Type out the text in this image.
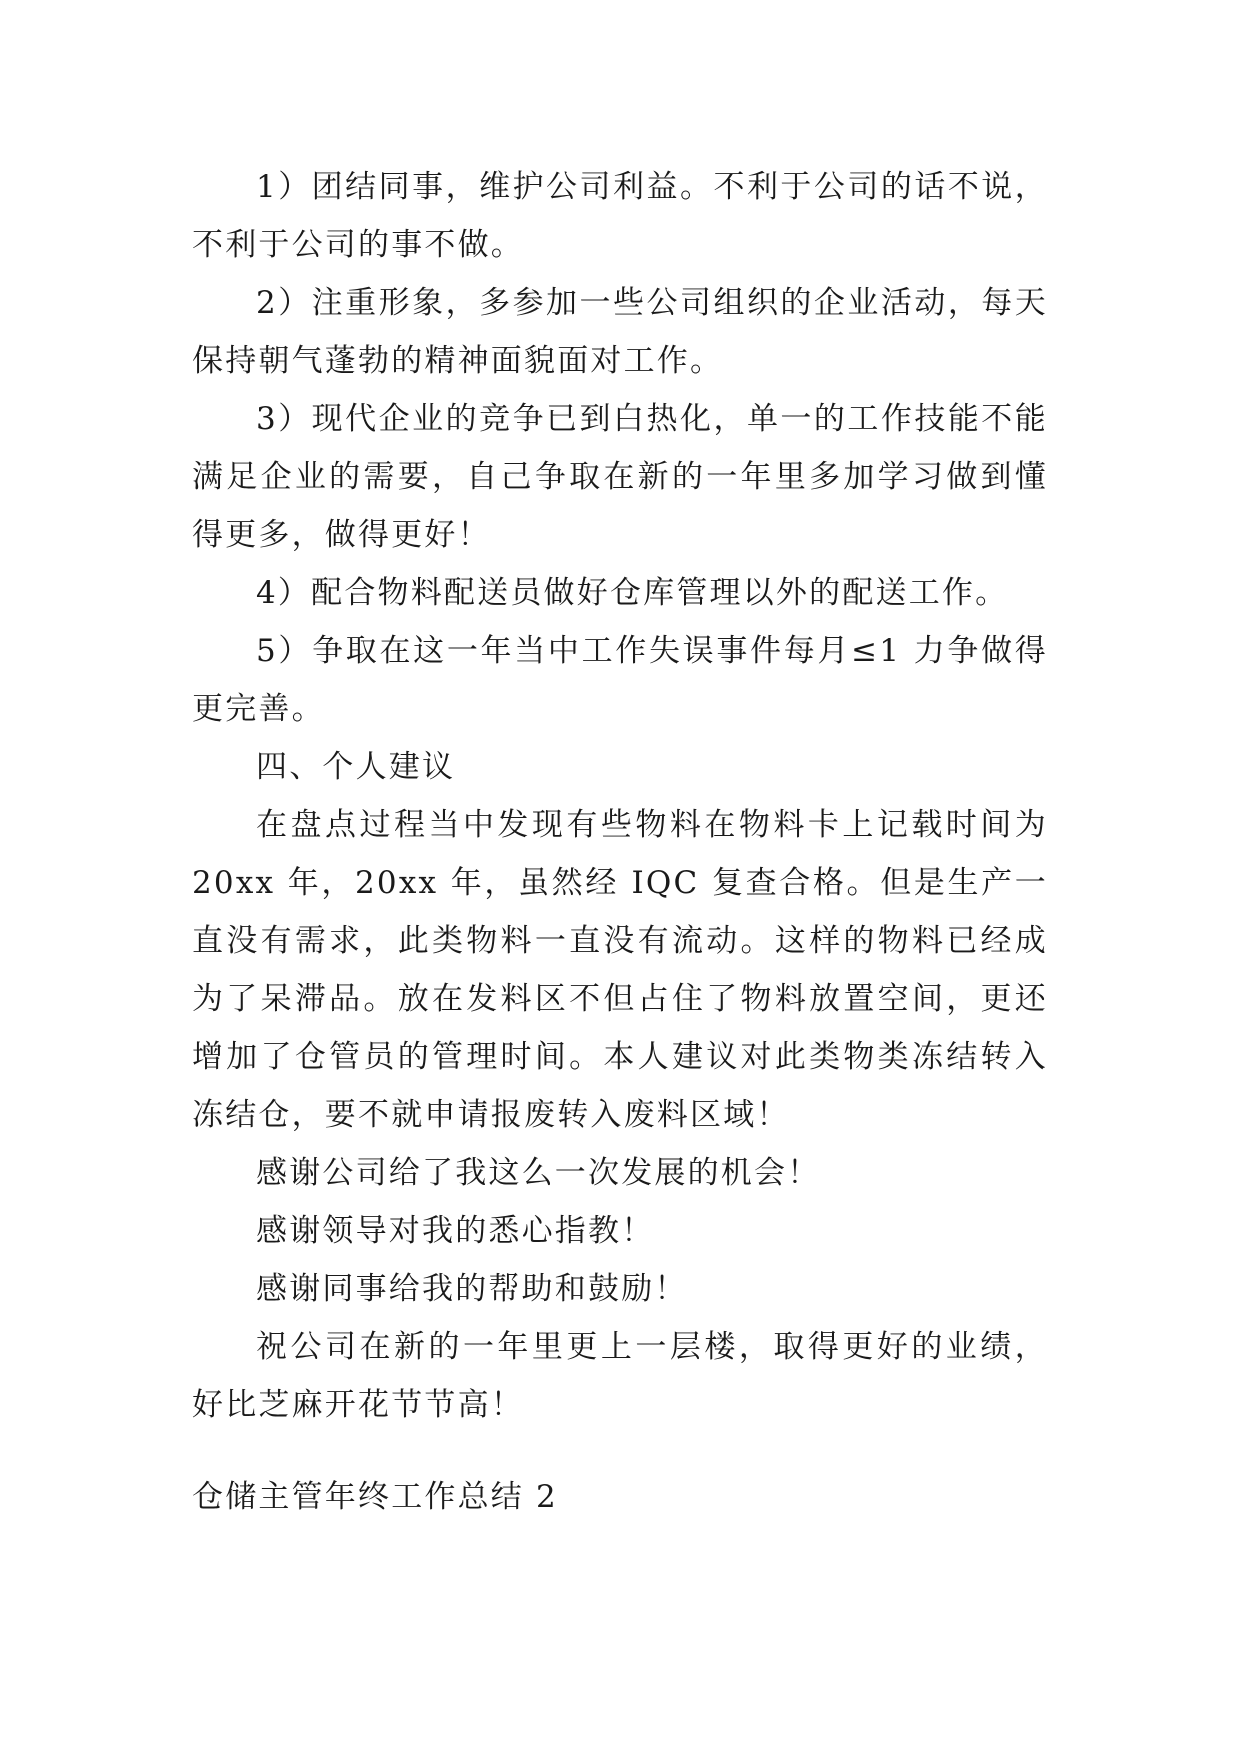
1）团结同事，维护公司利益。不利于公司的话不说，不利于公司的事不做。

2）注重形象，多参加一些公司组织的企业活动，每天保持朝气蓬勃的精神面貌面对工作。

3）现代企业的竞争已到白热化，单一的工作技能不能满足企业的需要，自己争取在新的一年里多加学习做到懂得更多，做得更好！

4）配合物料配送员做好仓库管理以外的配送工作。

5）争取在这一年当中工作失误事件每月≤1 力争做得更完善。

四、个人建议

在盘点过程当中发现有些物料在物料卡上记载时间为 20xx 年，20xx 年，虽然经 IQC 复查合格。但是生产一直没有需求，此类物料一直没有流动。这样的物料已经成为了呆滞品。放在发料区不但占住了物料放置空间，更还增加了仓管员的管理时间。本人建议对此类物类冻结转入冻结仓，要不就申请报废转入废料区域！

感谢公司给了我这么一次发展的机会！

感谢领导对我的悉心指教！

感谢同事给我的帮助和鼓励！

祝公司在新的一年里更上一层楼，取得更好的业绩，好比芝麻开花节节高！

仓储主管年终工作总结 2
